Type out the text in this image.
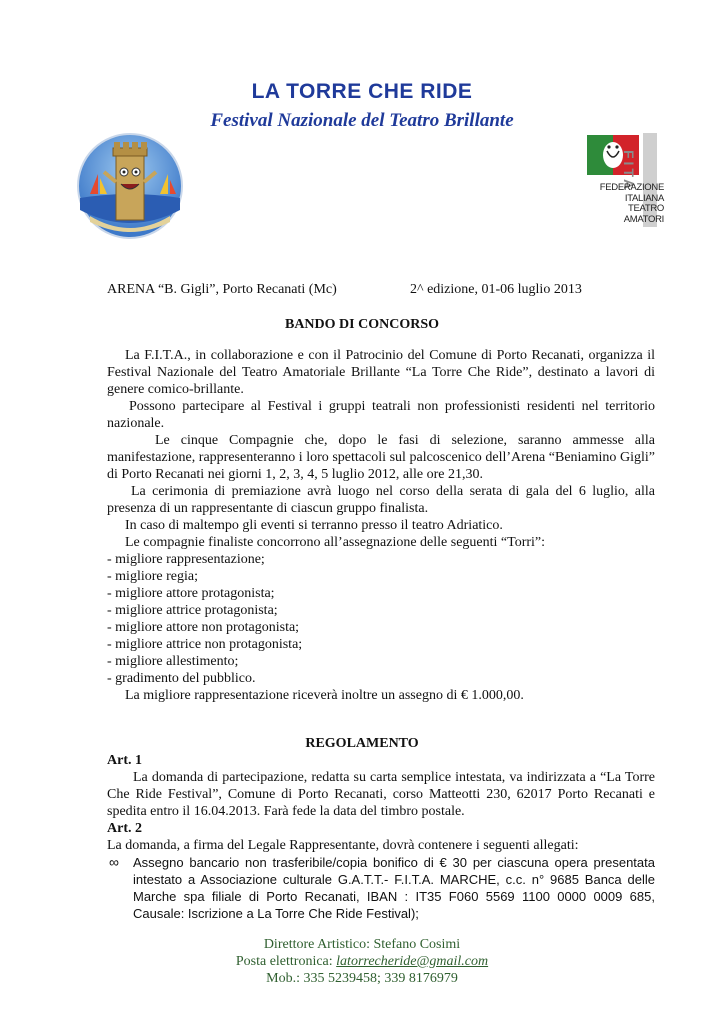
LA TORRE CHE RIDE
Festival Nazionale del Teatro Brillante
FITA
FEDERAZIONE
ITALIANA
TEATRO
AMATORI
ARENA “B. Gigli”, Porto Recanati (Mc)	2^ edizione, 01-06 luglio 2013
BANDO DI CONCORSO
La F.I.T.A., in collaborazione e con il Patrocinio del Comune di Porto Recanati, organizza il Festival Nazionale del Teatro Amatoriale Brillante “La Torre Che Ride”, destinato a lavori di genere comico-brillante.
Possono partecipare al Festival i gruppi teatrali non professionisti residenti nel territorio nazionale.
Le cinque Compagnie che, dopo le fasi di selezione, saranno ammesse alla manifestazione, rappresenteranno i loro spettacoli sul palcoscenico dell’Arena “Beniamino Gigli” di Porto Recanati nei giorni 1, 2, 3, 4, 5 luglio 2012, alle ore 21,30.
La cerimonia di premiazione avrà luogo nel corso della serata di gala del 6 luglio, alla presenza di un rappresentante di ciascun gruppo finalista.
In caso di maltempo gli eventi si terranno presso il teatro Adriatico.
Le compagnie finaliste concorrono all’assegnazione delle seguenti “Torri”:
- migliore rappresentazione;
- migliore regia;
- migliore attore protagonista;
- migliore attrice protagonista;
- migliore attore non protagonista;
- migliore attrice non protagonista;
- migliore allestimento;
- gradimento del pubblico.
La migliore rappresentazione riceverà inoltre un assegno di € 1.000,00.
REGOLAMENTO
Art. 1
La domanda di partecipazione, redatta su carta semplice intestata, va indirizzata a “La Torre Che Ride Festival”, Comune di Porto Recanati, corso Matteotti 230, 62017 Porto Recanati e spedita entro il 16.04.2013. Farà fede la data del timbro postale.
Art. 2
La domanda, a firma del Legale Rappresentante, dovrà contenere i seguenti allegati:
∞ Assegno bancario non trasferibile/copia bonifico di € 30 per ciascuna opera presentata intestato a Associazione culturale G.A.T.T.- F.I.T.A. MARCHE, c.c. n° 9685 Banca delle Marche spa filiale di Porto Recanati, IBAN : IT35 F060 5569 1100 0000 0009 685, Causale: Iscrizione a La Torre Che Ride Festival);
Direttore Artistico: Stefano Cosimi
Posta elettronica: latorrecheride@gmail.com
Mob.: 335 5239458; 339 8176979
